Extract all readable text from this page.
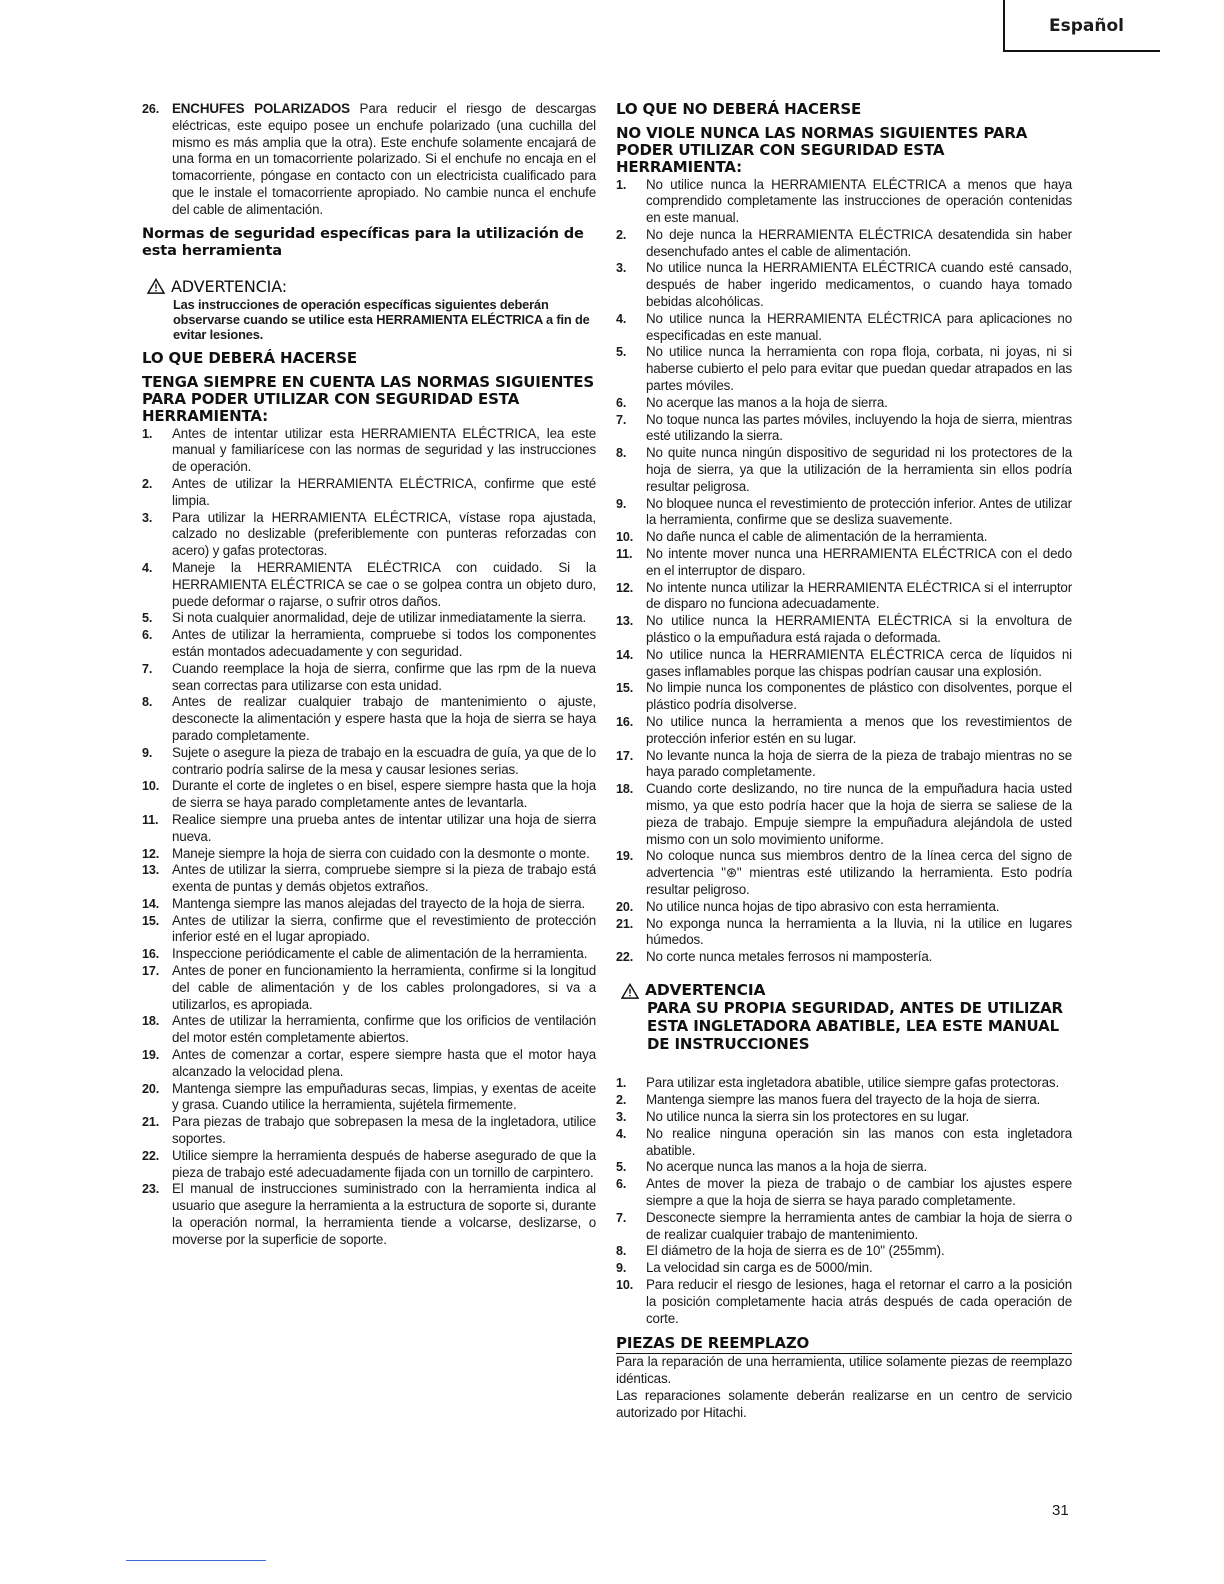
Español
26. ENCHUFES POLARIZADOS Para reducir el riesgo de descargas eléctricas, este equipo posee un enchufe polarizado (una cuchilla del mismo es más amplia que la otra). Este enchufe solamente encajará de una forma en un tomacorriente polarizado. Si el enchufe no encaja en el tomacorriente, póngase en contacto con un electricista cualificado para que le instale el tomacorriente apropiado. No cambie nunca el enchufe del cable de alimentación.
Normas de seguridad específicas para la utilización de esta herramienta
ADVERTENCIA:
Las instrucciones de operación específicas siguientes deberán observarse cuando se utilice esta HERRAMIENTA ELÉCTRICA a fin de evitar lesiones.
LO QUE DEBERÁ HACERSE
TENGA SIEMPRE EN CUENTA LAS NORMAS SIGUIENTES PARA PODER UTILIZAR CON SEGURIDAD ESTA HERRAMIENTA:
1.	Antes de intentar utilizar esta HERRAMIENTA ELÉCTRICA, lea este manual y familiarícese con las normas de seguridad y las instrucciones de operación.
2.	Antes de utilizar la HERRAMIENTA ELÉCTRICA, confirme que esté limpia.
3.	Para utilizar la HERRAMIENTA ELÉCTRICA, vístase ropa ajustada, calzado no deslizable (preferiblemente con punteras reforzadas con acero) y gafas protectoras.
4.	Maneje la HERRAMIENTA ELÉCTRICA con cuidado. Si la HERRAMIENTA ELÉCTRICA se cae o se golpea contra un objeto duro, puede deformar o rajarse, o sufrir otros daños.
5.	Si nota cualquier anormalidad, deje de utilizar inmediatamente la sierra.
6.	Antes de utilizar la herramienta, compruebe si todos los componentes están montados adecuadamente y con seguridad.
7.	Cuando reemplace la hoja de sierra, confirme que las rpm de la nueva sean correctas para utilizarse con esta unidad.
8.	Antes de realizar cualquier trabajo de mantenimiento o ajuste, desconecte la alimentación y espere hasta que la hoja de sierra se haya parado completamente.
9.	Sujete o asegure la pieza de trabajo en la escuadra de guía, ya que de lo contrario podría salirse de la mesa y causar lesiones serias.
10. Durante el corte de ingletes o en bisel, espere siempre hasta que la hoja de sierra se haya parado completamente antes de levantarla.
11.	Realice siempre una prueba antes de intentar utilizar una hoja de sierra nueva.
12. Maneje siempre la hoja de sierra con cuidado con la desmonte o monte.
13. Antes de utilizar la sierra, compruebe siempre si la pieza de trabajo está exenta de puntas y demás objetos extraños.
14. Mantenga siempre las manos alejadas del trayecto de la hoja de sierra.
15. Antes de utilizar la sierra, confirme que el revestimiento de protección inferior esté en el lugar apropiado.
16. Inspeccione periódicamente el cable de alimentación de la herramienta.
17. Antes de poner en funcionamiento la herramienta, confirme si la longitud del cable de alimentación y de los cables prolongadores, si va a utilizarlos, es apropiada.
18. Antes de utilizar la herramienta, confirme que los orificios de ventilación del motor estén completamente abiertos.
19. Antes de comenzar a cortar, espere siempre hasta que el motor haya alcanzado la velocidad plena.
20. Mantenga siempre las empuñaduras secas, limpias, y exentas de aceite y grasa. Cuando utilice la herramienta, sujétela firmemente.
21. Para piezas de trabajo que sobrepasen la mesa de la ingletadora, utilice soportes.
22. Utilice siempre la herramienta después de haberse asegurado de que la pieza de trabajo esté adecuadamente fijada con un tornillo de carpintero.
23. El manual de instrucciones suministrado con la herramienta indica al usuario que asegure la herramienta a la estructura de soporte si, durante la operación normal, la herramienta tiende a volcarse, deslizarse, o moverse por la superficie de soporte.
LO QUE NO DEBERÁ HACERSE
NO VIOLE NUNCA LAS NORMAS SIGUIENTES PARA PODER UTILIZAR CON SEGURIDAD ESTA HERRAMIENTA:
1.	No utilice nunca la HERRAMIENTA ELÉCTRICA a menos que haya comprendido completamente las instrucciones de operación contenidas en este manual.
2.	No deje nunca la HERRAMIENTA ELÉCTRICA desatendida sin haber desenchufado antes el cable de alimentación.
3.	No utilice nunca la HERRAMIENTA ELÉCTRICA cuando esté cansado, después de haber ingerido medicamentos, o cuando haya tomado bebidas alcohólicas.
4.	No utilice nunca la HERRAMIENTA ELÉCTRICA para aplicaciones no especificadas en este manual.
5.	No utilice nunca la herramienta con ropa floja, corbata, ni joyas, ni si haberse cubierto el pelo para evitar que puedan quedar atrapados en las partes móviles.
6.	No acerque las manos a la hoja de sierra.
7.	No toque nunca las partes móviles, incluyendo la hoja de sierra, mientras esté utilizando la sierra.
8.	No quite nunca ningún dispositivo de seguridad ni los protectores de la hoja de sierra, ya que la utilización de la herramienta sin ellos podría resultar peligrosa.
9.	No bloquee nunca el revestimiento de protección inferior. Antes de utilizar la herramienta, confirme que se desliza suavemente.
10. No dañe nunca el cable de alimentación de la herramienta.
11.	No intente mover nunca una HERRAMIENTA ELÉCTRICA con el dedo en el interruptor de disparo.
12. No intente nunca utilizar la HERRAMIENTA ELÉCTRICA si el interruptor de disparo no funciona adecuadamente.
13. No utilice nunca la HERRAMIENTA ELÉCTRICA si la envoltura de plástico o la empuñadura está rajada o deformada.
14. No utilice nunca la HERRAMIENTA ELÉCTRICA cerca de líquidos ni gases inflamables porque las chispas podrían causar una explosión.
15. No limpie nunca los componentes de plástico con disolventes, porque el plástico podría disolverse.
16. No utilice nunca la herramienta a menos que los revestimientos de protección inferior estén en su lugar.
17. No levante nunca la hoja de sierra de la pieza de trabajo mientras no se haya parado completamente.
18. Cuando corte deslizando, no tire nunca de la empuñadura hacia usted mismo, ya que esto podría hacer que la hoja de sierra se saliese de la pieza de trabajo. Empuje siempre la empuñadura alejándola de usted mismo con un solo movimiento uniforme.
19. No coloque nunca sus miembros dentro de la línea cerca del signo de advertencia "⊛" mientras esté utilizando la herramienta. Esto podría resultar peligroso.
20. No utilice nunca hojas de tipo abrasivo con esta herramienta.
21. No exponga nunca la herramienta a la lluvia, ni la utilice en lugares húmedos.
22. No corte nunca metales ferrosos ni mampostería.
ADVERTENCIA
PARA SU PROPIA SEGURIDAD, ANTES DE UTILIZAR ESTA INGLETADORA ABATIBLE, LEA ESTE MANUAL DE INSTRUCCIONES
1.	Para utilizar esta ingletadora abatible, utilice siempre gafas protectoras.
2.	Mantenga siempre las manos fuera del trayecto de la hoja de sierra.
3.	No utilice nunca la sierra sin los protectores en su lugar.
4.	No realice ninguna operación sin las manos con esta ingletadora abatible.
5.	No acerque nunca las manos a la hoja de sierra.
6.	Antes de mover la pieza de trabajo o de cambiar los ajustes espere siempre a que la hoja de sierra se haya parado completamente.
7.	Desconecte siempre la herramienta antes de cambiar la hoja de sierra o de realizar cualquier trabajo de mantenimiento.
8.	El diámetro de la hoja de sierra es de 10" (255mm).
9.	La velocidad sin carga es de 5000/min.
10. Para reducir el riesgo de lesiones, haga el retornar el carro a la posición la posición completamente hacia atrás después de cada operación de corte.
PIEZAS DE REEMPLAZO
Para la reparación de una herramienta, utilice solamente piezas de reemplazo idénticas.
Las reparaciones solamente deberán realizarse en un centro de servicio autorizado por Hitachi.
31
